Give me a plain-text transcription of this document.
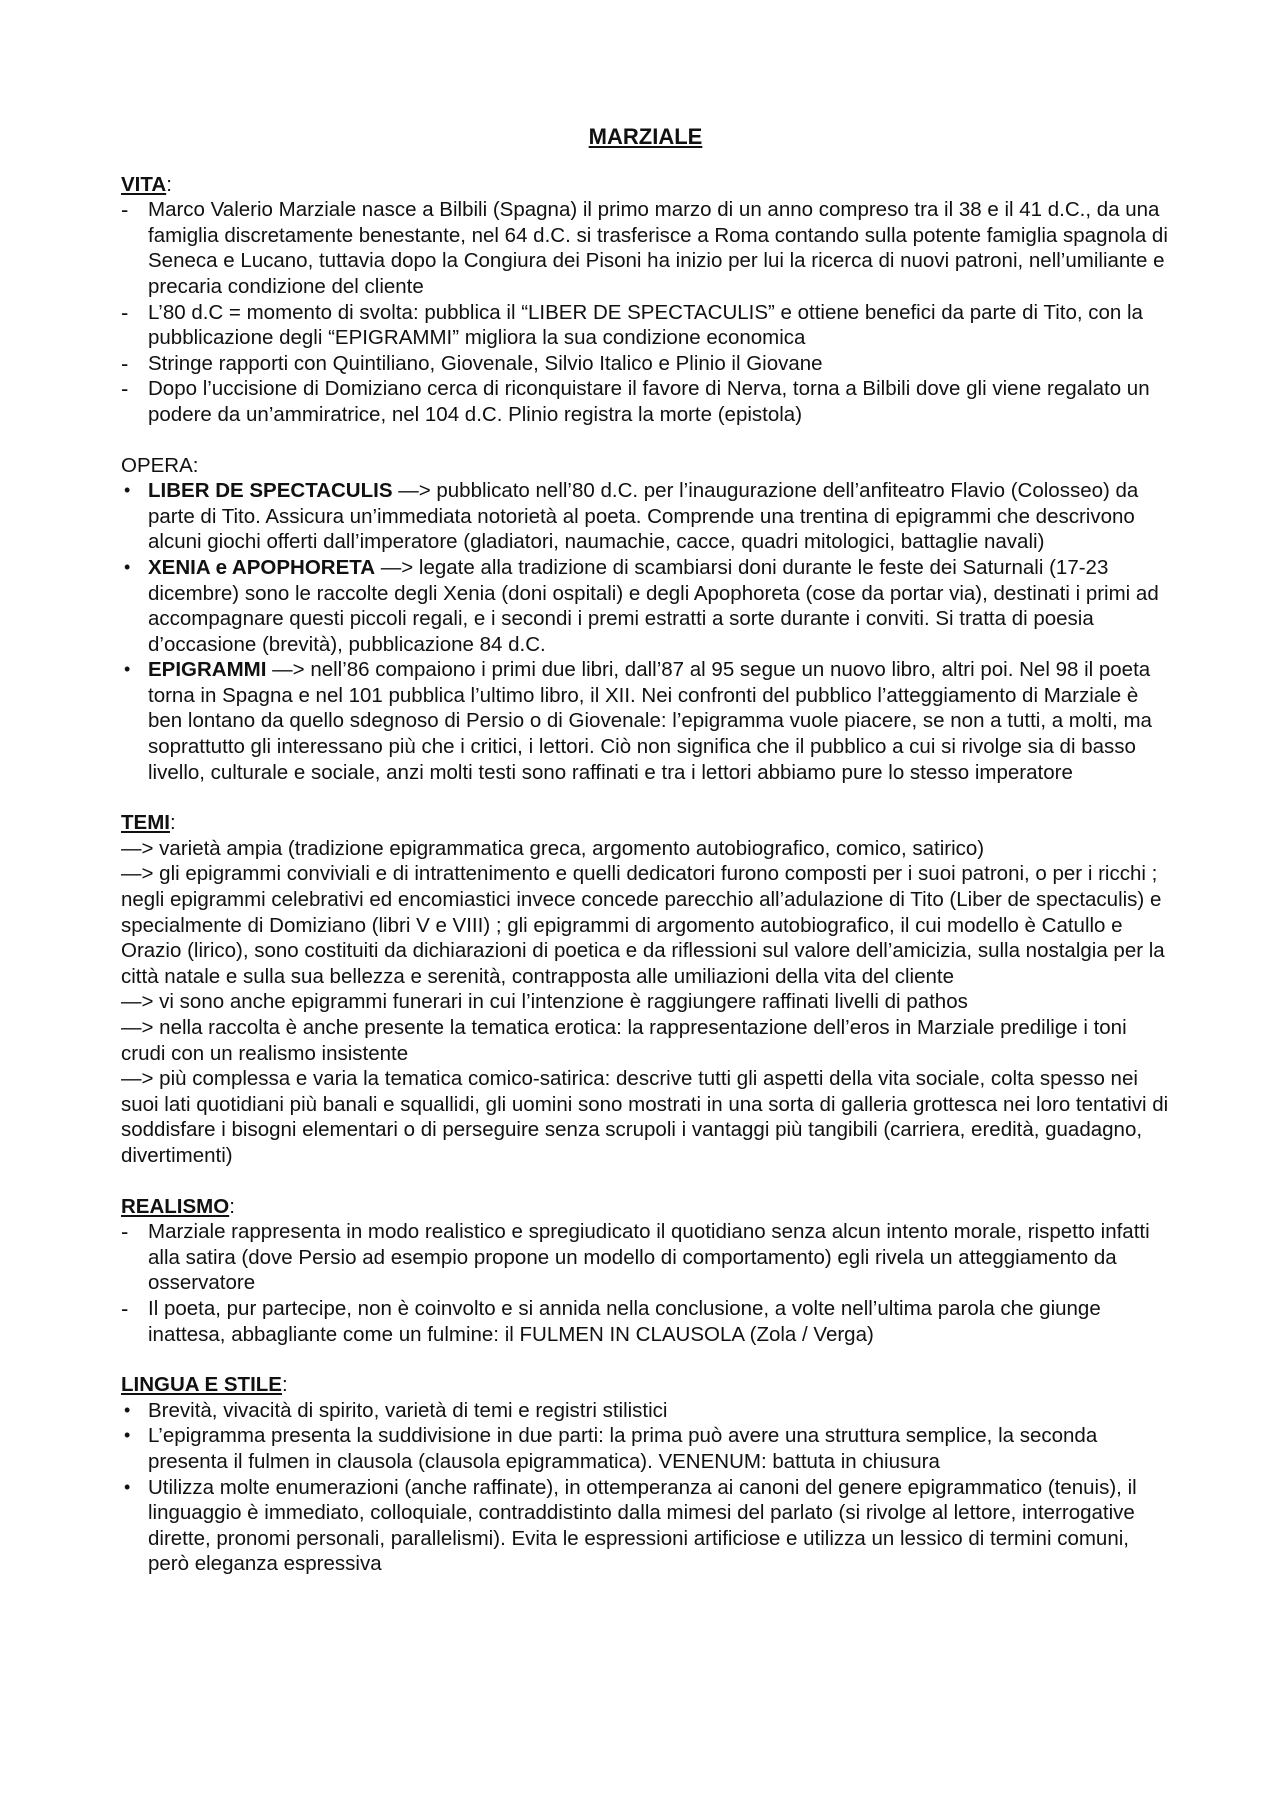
MARZIALE

VITA:

- Marco Valerio Marziale nasce a Bilbili (Spagna) il primo marzo di un anno compreso tra il 38 e il 41 d.C., da una famiglia discretamente benestante, nel 64 d.C. si trasferisce a Roma contando sulla potente famiglia spagnola di Seneca e Lucano, tuttavia dopo la Congiura dei Pisoni ha inizio per lui la ricerca di nuovi patroni, nell’umiliante e precaria condizione del cliente
- L’80 d.C = momento di svolta: pubblica il “LIBER DE SPECTACULIS” e ottiene benefici da parte di Tito, con la pubblicazione degli “EPIGRAMMI” migliora la sua condizione economica
- Stringe rapporti con Quintiliano, Giovenale, Silvio Italico e Plinio il Giovane
- Dopo l’uccisione di Domiziano cerca di riconquistare il favore di Nerva, torna a Bilbili dove gli viene regalato un podere da un’ammiratrice, nel 104 d.C. Plinio registra la morte (epistola)

OPERA:

• LIBER DE SPECTACULIS —> pubblicato nell’80 d.C. per l’inaugurazione dell’anfiteatro Flavio (Colosseo) da parte di Tito. Assicura un’immediata notorietà al poeta. Comprende una trentina di epigrammi che descrivono alcuni giochi offerti dall’imperatore (gladiatori, naumachie, cacce, quadri mitologici, battaglie navali)
• XENIA e APOPHORETA —> legate alla tradizione di scambiarsi doni durante le feste dei Saturnali (17-23 dicembre) sono le raccolte degli Xenia (doni ospitali) e degli Apophoreta (cose da portar via), destinati i primi ad accompagnare questi piccoli regali, e i secondi i premi estratti a sorte durante i conviti. Si tratta di poesia d’occasione (brevità), pubblicazione 84 d.C.
• EPIGRAMMI —> nell’86 compaiono i primi due libri, dall’87 al 95 segue un nuovo libro, altri poi. Nel 98 il poeta torna in Spagna e nel 101 pubblica l’ultimo libro, il XII. Nei confronti del pubblico l’atteggiamento di Marziale è ben lontano da quello sdegnoso di Persio o di Giovenale: l’epigramma vuole piacere, se non a tutti, a molti, ma soprattutto gli interessano più che i critici, i lettori. Ciò non significa che il pubblico a cui si rivolge sia di basso livello, culturale e sociale, anzi molti testi sono raffinati e tra i lettori abbiamo pure lo stesso imperatore

TEMI:

—> varietà ampia (tradizione epigrammatica greca, argomento autobiografico, comico, satirico)

—> gli epigrammi conviviali e di intrattenimento e quelli dedicatori furono composti per i suoi patroni, o per i ricchi ; negli epigrammi celebrativi ed encomiastici invece concede parecchio all’adulazione di Tito (Liber de spectaculis) e specialmente di Domiziano (libri V e VIII) ; gli epigrammi di argomento autobiografico, il cui modello è Catullo e Orazio (lirico), sono costituiti da dichiarazioni di poetica e da riflessioni sul valore dell’amicizia, sulla nostalgia per la città natale e sulla sua bellezza e serenità, contrapposta alle umiliazioni della vita del cliente

—> vi sono anche epigrammi funerari in cui l’intenzione è raggiungere raffinati livelli di pathos

—> nella raccolta è anche presente la tematica erotica: la rappresentazione dell’eros in Marziale predilige i toni crudi con un realismo insistente

—> più complessa e varia la tematica comico-satirica: descrive tutti gli aspetti della vita sociale, colta spesso nei suoi lati quotidiani più banali e squallidi, gli uomini sono mostrati in una sorta di galleria grottesca nei loro tentativi di soddisfare i bisogni elementari o di perseguire senza scrupoli i vantaggi più tangibili (carriera, eredità, guadagno, divertimenti)

REALISMO:

- Marziale rappresenta in modo realistico e spregiudicato il quotidiano senza alcun intento morale, rispetto infatti alla satira (dove Persio ad esempio propone un modello di comportamento) egli rivela un atteggiamento da osservatore
- Il poeta, pur partecipe, non è coinvolto e si annida nella conclusione, a volte nell’ultima parola che giunge inattesa, abbagliante come un fulmine: il FULMEN IN CLAUSOLA (Zola / Verga)

LINGUA E STILE:

• Brevità, vivacità di spirito, varietà di temi e registri stilistici
• L’epigramma presenta la suddivisione in due parti: la prima può avere una struttura semplice, la seconda presenta il fulmen in clausola (clausola epigrammatica). VENENUM: battuta in chiusura
• Utilizza molte enumerazioni (anche raffinate), in ottemperanza ai canoni del genere epigrammatico (tenuis), il linguaggio è immediato, colloquiale, contraddistinto dalla mimesi del parlato (si rivolge al lettore, interrogative dirette, pronomi personali, parallelismi). Evita le espressioni artificiose e utilizza un lessico di termini comuni, però eleganza espressiva
